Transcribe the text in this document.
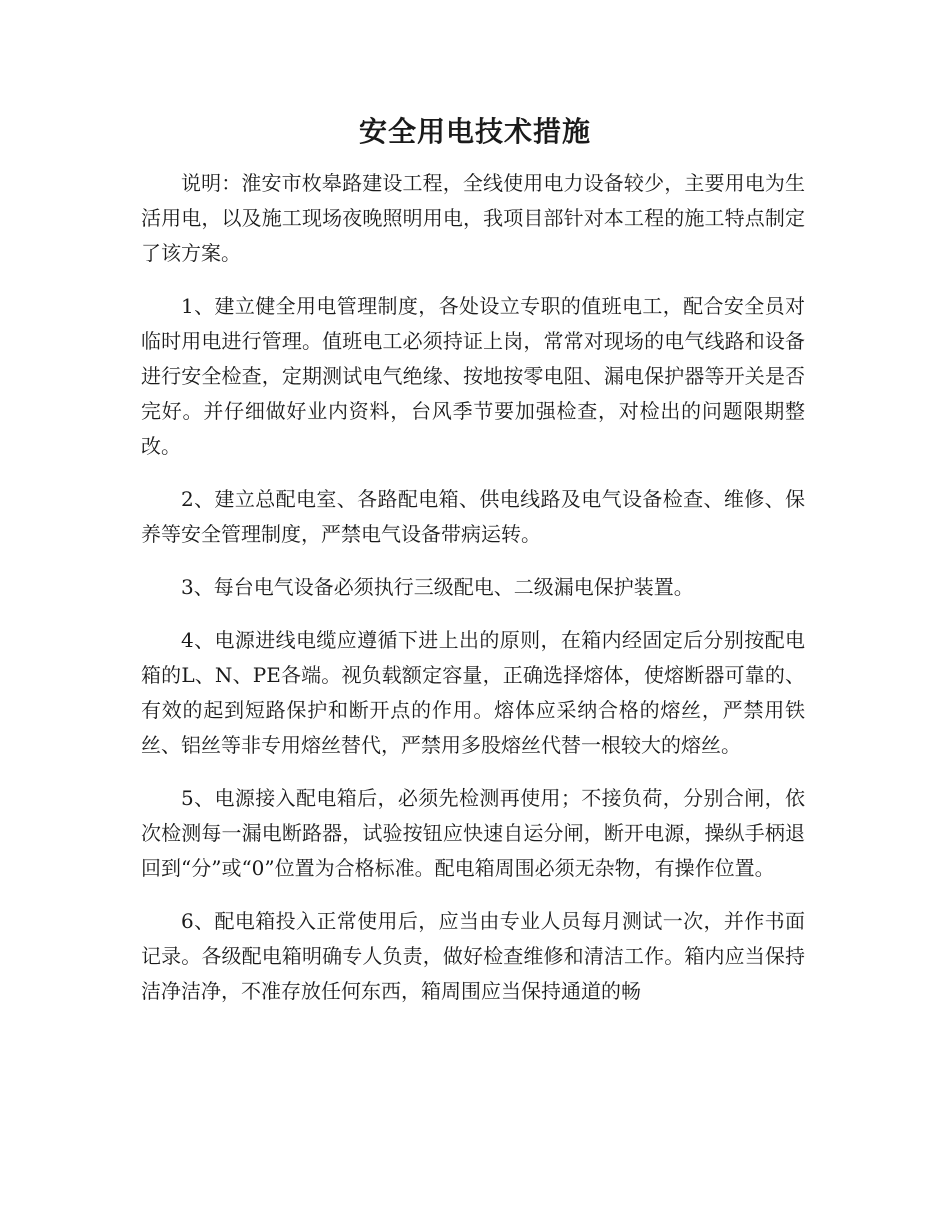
安全用电技术措施

说明：淮安市枚皋路建设工程，全线使用电力设备较少，主要用电为生活用电，以及施工现场夜晚照明用电，我项目部针对本工程的施工特点制定了该方案。

1、建立健全用电管理制度，各处设立专职的值班电工，配合安全员对临时用电进行管理。值班电工必须持证上岗，常常对现场的电气线路和设备进行安全检查，定期测试电气绝缘、按地按零电阻、漏电保护器等开关是否完好。并仔细做好业内资料，台风季节要加强检查，对检出的问题限期整改。

2、建立总配电室、各路配电箱、供电线路及电气设备检查、维修、保养等安全管理制度，严禁电气设备带病运转。

3、每台电气设备必须执行三级配电、二级漏电保护装置。

4、电源进线电缆应遵循下进上出的原则，在箱内经固定后分别按配电箱的L、N、PE各端。视负载额定容量，正确选择熔体，使熔断器可靠的、有效的起到短路保护和断开点的作用。熔体应采纳合格的熔丝，严禁用铁丝、铝丝等非专用熔丝替代，严禁用多股熔丝代替一根较大的熔丝。

5、电源接入配电箱后，必须先检测再使用；不接负荷，分别合闸，依次检测每一漏电断路器，试验按钮应快速自运分闸，断开电源，操纵手柄退回到“分”或“0”位置为合格标准。配电箱周围必须无杂物，有操作位置。

6、配电箱投入正常使用后，应当由专业人员每月测试一次，并作书面记录。各级配电箱明确专人负责，做好检查维修和清洁工作。箱内应当保持洁净洁净，不准存放任何东西，箱周围应当保持通道的畅
